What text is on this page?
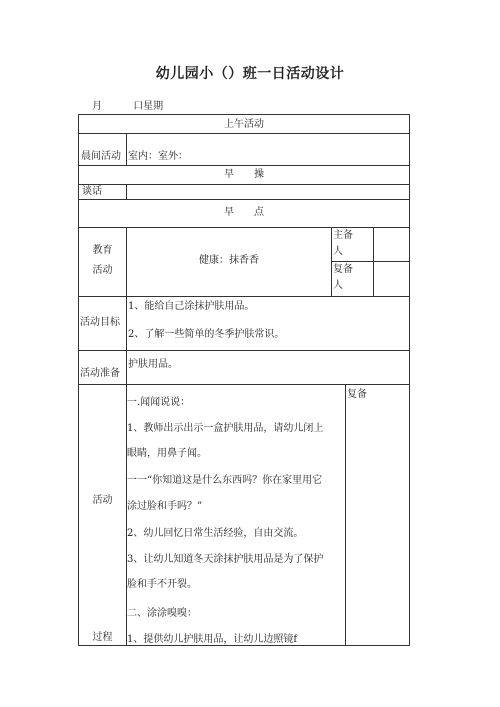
幼儿园小（）班一日活动设计
月	口星期
上午活动
晨间活动 室内：室外：
早　　操
谈话
早　　点
教育
活动
健康：抹香香
主备
人
复备
人
活动目标
1、能给自己涂抹护肤用品。
2、了解一些简单的冬季护肤常识。
活动准备
护肤用品。
活动
过程
复备
一.闻闻说说：
1、教师出示出示一盒护肤用品，请幼儿闭上
眼睛，用鼻子闻。
一一“你知道这是什么东西吗？你在家里用它
涂过脸和手吗？”
2、幼儿回忆日常生活经验，自由交流。
3、让幼儿知道冬天涂抹护肤用品是为了保护
脸和手不开裂。
二、涂涂嗅嗅：
1、提供幼儿护肤用品，让幼儿边照镜f
